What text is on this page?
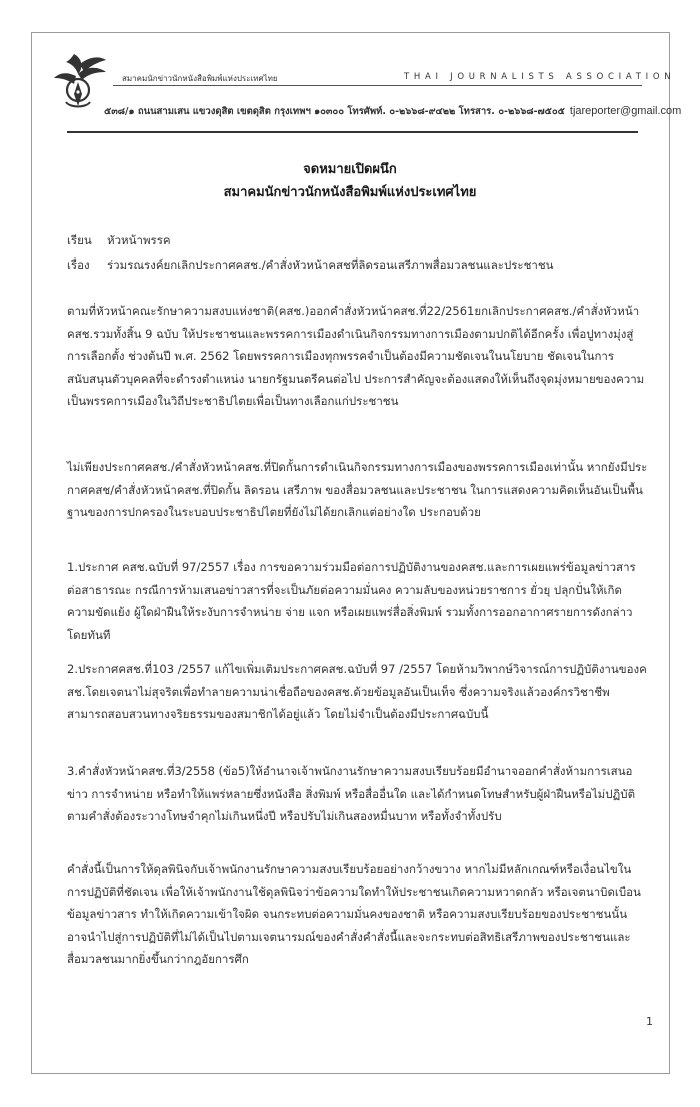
สมาคมนักข่าวนักหนังสือพิมพ์แห่งประเทศไทย	THAI JOURNALISTS ASSOCIATION
๕๓๘/๑ ถนนสามเสน แขวงดุสิต เขตดุสิต กรุงเทพฯ ๑๐๓๐๐ โทรศัพท์. ๐-๒๖๖๘-๙๔๒๒ โทรสาร. ๐-๒๖๖๘-๗๕๐๕ tjareporter@gmail.com
จดหมายเปิดผนึก
สมาคมนักข่าวนักหนังสือพิมพ์แห่งประเทศไทย
เรียน หัวหน้าพรรค
เรื่อง ร่วมรณรงค์ยกเลิกประกาศคสช./คำสั่งหัวหน้าคสชที่ลิดรอนเสรีภาพสื่อมวลชนและประชาชน

ตามที่หัวหน้าคณะรักษาความสงบแห่งชาติ(คสช.)ออกคำสั่งหัวหน้าคสช.ที่22/2561ยกเลิกประกาศคสช./คำสั่งหัวหน้าคสช.รวมทั้งสิ้น 9 ฉบับ ให้ประชาชนและพรรคการเมืองดำเนินกิจกรรมทางการเมืองตามปกติได้อีกครั้ง เพื่อปูทางมุ่งสู่การเลือกตั้ง ช่วงต้นปี พ.ศ. 2562 โดยพรรคการเมืองทุกพรรคจำเป็นต้องมีความชัดเจนในนโยบาย ชัดเจนในการสนับสนุนตัวบุคคลที่จะดำรงตำแหน่ง นายกรัฐมนตรีคนต่อไป ประการสำคัญจะต้องแสดงให้เห็นถึงจุดมุ่งหมายของความเป็นพรรคการเมืองในวิถีประชาธิปไตยเพื่อเป็นทางเลือกแก่ประชาชน

ไม่เพียงประกาศคสช./คำสั่งหัวหน้าคสช.ที่ปิดกั้นการดำเนินกิจกรรมทางการเมืองของพรรคการเมืองเท่านั้น หากยังมีประกาศคสช/คำสั่งหัวหน้าคสช.ที่ปิดกั้น ลิดรอน เสรีภาพ ของสื่อมวลชนและประชาชน ในการแสดงความคิดเห็นอันเป็นพื้นฐานของการปกครองในระบอบประชาธิปไตยที่ยังไม่ได้ยกเลิกแต่อย่างใด ประกอบด้วย

1.ประกาศ คสช.ฉบับที่ 97/2557 เรื่อง การขอความร่วมมือต่อการปฏิบัติงานของคสช.และการเผยแพร่ข้อมูลข่าวสารต่อสาธารณะ กรณีการห้ามเสนอข่าวสารที่จะเป็นภัยต่อความมั่นคง ความลับของหน่วยราชการ ยั่วยุ ปลุกปั่นให้เกิดความขัดแย้ง ผู้ใดฝ่าฝืนให้ระงับการจำหน่าย จ่าย แจก หรือเผยแพร่สื่อสิ่งพิมพ์ รวมทั้งการออกอากาศรายการดังกล่าวโดยทันที

2.ประกาศคสช.ที่103 /2557 แก้ไขเพิ่มเติมประกาศคสช.ฉบับที่ 97 /2557 โดยห้ามวิพากษ์วิจารณ์การปฏิบัติงานของคสช.โดยเจตนาไม่สุจริตเพื่อทำลายความน่าเชื่อถือของคสช.ด้วยข้อมูลอันเป็นเท็จ ซึ่งความจริงแล้วองค์กรวิชาชีพสามารถสอบสวนทางจริยธรรมของสมาชิกได้อยู่แล้ว โดยไม่จำเป็นต้องมีประกาศฉบับนี้

3.คำสั่งหัวหน้าคสช.ที่3/2558 (ข้อ5)ให้อำนาจเจ้าพนักงานรักษาความสงบเรียบร้อยมีอำนาจออกคำสั่งห้ามการเสนอข่าว การจำหน่าย หรือทำให้แพร่หลายซึ่งหนังสือ สิ่งพิมพ์ หรือสื่ออื่นใด และได้กำหนดโทษสำหรับผู้ฝ่าฝืนหรือไม่ปฏิบัติตามคำสั่งต้องระวางโทษจำคุกไม่เกินหนึ่งปี หรือปรับไม่เกินสองหมื่นบาท หรือทั้งจำทั้งปรับ

คำสั่งนี้เป็นการให้ดุลพินิจกับเจ้าพนักงานรักษาความสงบเรียบร้อยอย่างกว้างขวาง หากไม่มีหลักเกณฑ์หรือเงื่อนไขในการปฏิบัติที่ชัดเจน เพื่อให้เจ้าพนักงานใช้ดุลพินิจว่าข้อความใดทำให้ประชาชนเกิดความหวาดกลัว หรือเจตนาบิดเบือนข้อมูลข่าวสาร ทำให้เกิดความเข้าใจผิด จนกระทบต่อความมั่นคงของชาติ หรือความสงบเรียบร้อยของประชาชนนั้น อาจนำไปสู่การปฏิบัติที่ไม่ได้เป็นไปตามเจตนารมณ์ของคำสั่งคำสั่งนี้และจะกระทบต่อสิทธิเสรีภาพของประชาชนและสื่อมวลชนมากยิ่งขึ้นกว่ากฎอัยการศึก

1
